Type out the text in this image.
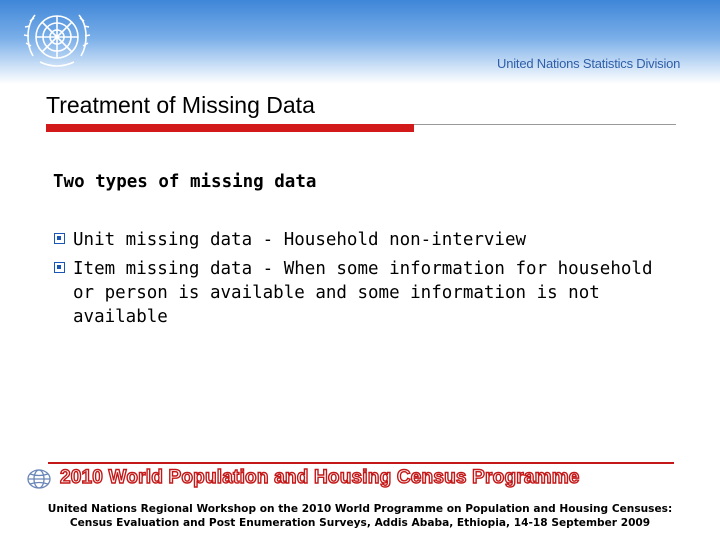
United Nations Statistics Division
Treatment of Missing Data
Two types of missing data
Unit missing data - Household non-interview
Item missing data - When some information for household or person is available and some information is not available
2010 World Population and Housing Census Programme
United Nations Regional Workshop on the 2010 World Programme on Population and Housing Censuses:
Census Evaluation and Post Enumeration Surveys, Addis Ababa, Ethiopia, 14-18 September 2009
